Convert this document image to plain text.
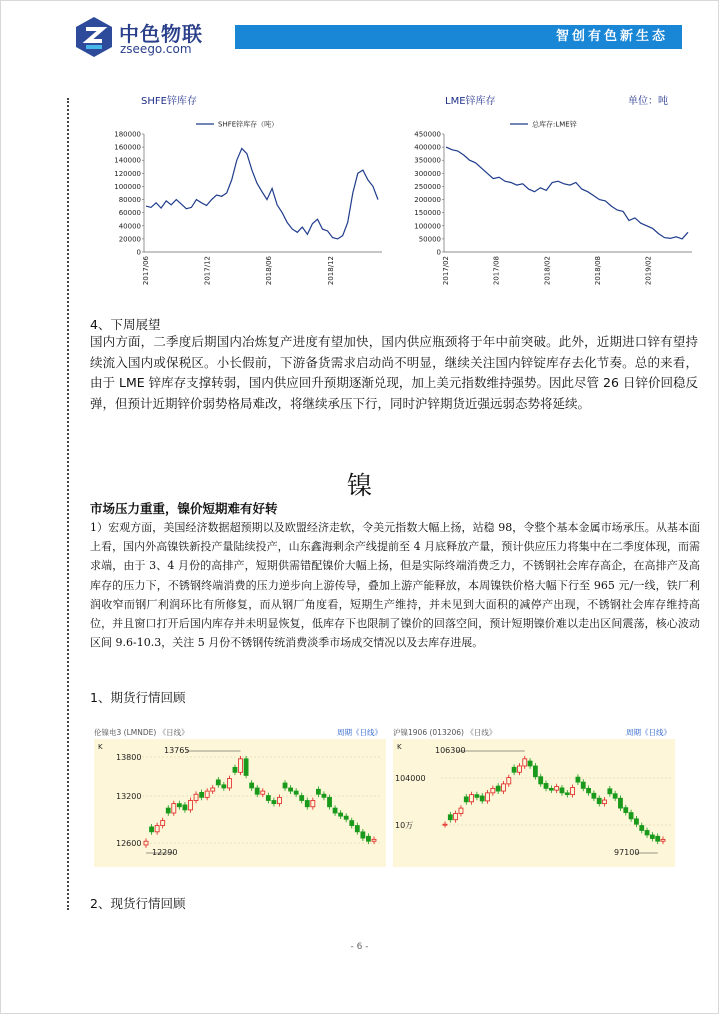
中色物联
zseego.com
智创有色新生态
SHFE锌库存	LME锌库存	单位：吨
0
20000
40000
60000
80000
100000
120000
140000
160000
180000
2017/06	2017/12	2018/06	2018/12
SHFE锌库存（吨）
0
50000
100000
150000
200000
250000
300000
350000
400000
450000
2017/02	2017/08	2018/02	2018/08	2019/02
总库存:LME锌
4、下周展望
国内方面，二季度后期国内冶炼复产进度有望加快，国内供应瓶颈将于年中前突破。此外，近期进口锌有望持续流入国内或保税区。小长假前，下游备货需求启动尚不明显，继续关注国内锌锭库存去化节奏。总的来看，由于 LME 锌库存支撑转弱，国内供应回升预期逐渐兑现，加上美元指数维持强势。因此尽管 26 日锌价回稳反弹，但预计近期锌价弱势格局难改，将继续承压下行，同时沪锌期货近强远弱态势将延续。
镍
市场压力重重，镍价短期难有好转
1）宏观方面，美国经济数据超预期以及欧盟经济走软，令美元指数大幅上扬，站稳 98，令整个基本金属市场承压。从基本面上看，国内外高镍铁新投产量陆续投产，山东鑫海剩余产线提前至 4 月底释放产量，预计供应压力将集中在二季度体现，而需求端，由于 3、4 月份的高排产，短期供需错配镍价大幅上扬，但是实际终端消费乏力，不锈钢社会库存高企，在高排产及高库存的压力下，不锈钢终端消费的压力逆步向上游传导，叠加上游产能释放，本周镍铁价格大幅下行至 965 元/一线，铁厂利润收窄而钢厂利润环比有所修复，而从钢厂角度看，短期生产维持，并未见到大面积的减停产出现，不锈钢社会库存维持高位，并且窗口打开后国内库存并未明显恢复，低库存下也限制了镍价的回落空间，预计短期镍价难以走出区间震荡，核心波动区间 9.6-10.3，关注 5 月份不锈钢传统消费淡季市场成交情况以及去库存进展。
1、期货行情回顾
伦镍电3 (LMNDE) 《日线》	周期 《日线》
12600
13200
13800
K	13765
12290
沪镍1906 (013206) 《日线》	周期 《日线》
10万
104000
K	106300
97100
2、现货行情回顾
- 6 -
